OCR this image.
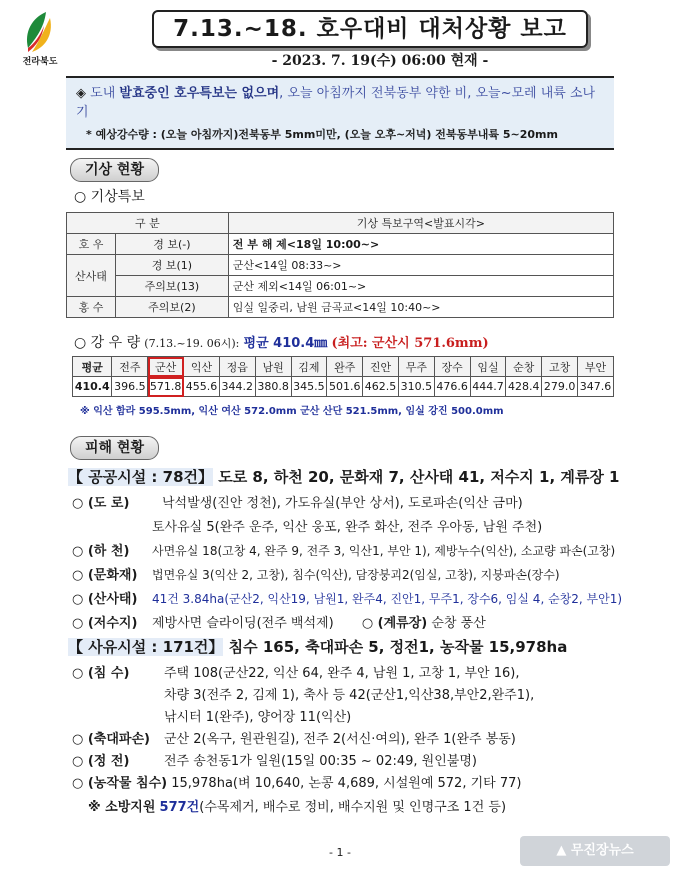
전라북도
7.13.~18. 호우대비 대처상황 보고
- 2023. 7. 19(수) 06:00 현재 -
◈ 도내 발효중인 호우특보는 없으며, 오늘 아침까지 전북동부 약한 비, 오늘~모레 내륙 소나기
* 예상강수량 : (오늘 아침까지)전북동부 5mm미만, (오늘 오후~저녁) 전북동부내륙 5~20mm
기상 현황
○ 기상특보
구 분		기상 특보구역<발표시각>
호 우	경 보(-)	전 부 해 제<18일 10:00~>
산사태	경 보(1)	군산<14일 08:33~>
	주의보(13)	군산 제외<14일 06:01~>
홍 수	주의보(2)	임실 일중리, 남원 금곡교<14일 10:40~>
○ 강 우 량 (7.13.~19. 06시): 평균 410.4㎜ (최고: 군산시 571.6mm)
평균	전주	군산	익산	정읍	남원	김제	완주	진안	무주	장수	임실	순창	고창	부안
410.4	396.5	571.8	455.6	344.2	380.8	345.5	501.6	462.5	310.5	476.6	444.7	428.4	279.0	347.6
※ 익산 함라 595.5mm, 익산 여산 572.0mm 군산 산단 521.5mm, 임실 강진 500.0mm
피해 현황
【 공공시설 : 78건】 도로 8, 하천 20, 문화재 7, 산사태 41, 저수지 1, 계류장 1
○ (도 로)	낙석발생(진안 정천), 가도유실(부안 상서), 도로파손(익산 금마)
토사유실 5(완주 운주, 익산 웅포, 완주 화산, 전주 우아동, 남원 주천)
○ (하 천) 사면유실 18(고창 4, 완주 9, 전주 3, 익산1, 부안 1), 제방누수(익산), 소교량 파손(고창)
○ (문화재) 법면유실 3(익산 2, 고창), 침수(익산), 담장붕괴2(임실, 고창), 지붕파손(장수)
○ (산사태) 41건 3.84ha(군산2, 익산19, 남원1, 완주4, 진안1, 무주1, 장수6, 임실 4, 순창2, 부안1)
○ (저수지) 제방사면 슬라이딩(전주 백석제) ○ (계류장) 순창 풍산
【 사유시설 : 171건】 침수 165, 축대파손 5, 정전1, 농작물 15,978ha
○ (침 수)	주택 108(군산22, 익산 64, 완주 4, 남원 1, 고창 1, 부안 16),
차량 3(전주 2, 김제 1), 축사 등 42(군산1,익산38,부안2,완주1),
낚시터 1(완주), 양어장 11(익산)
○ (축대파손) 군산 2(옥구, 원관원길), 전주 2(서신·여의), 완주 1(완주 봉동)
○ (정 전)	전주 송천동1가 일원(15일 00:35 ~ 02:49, 원인불명)
○ (농작물 침수) 15,978ha(벼 10,640, 논콩 4,689, 시설원예 572, 기타 77)
※ 소방지원 577건(수목제거, 배수로 정비, 배수지원 및 인명구조 1건 등)
- 1 -	▲ 무진장뉴스
